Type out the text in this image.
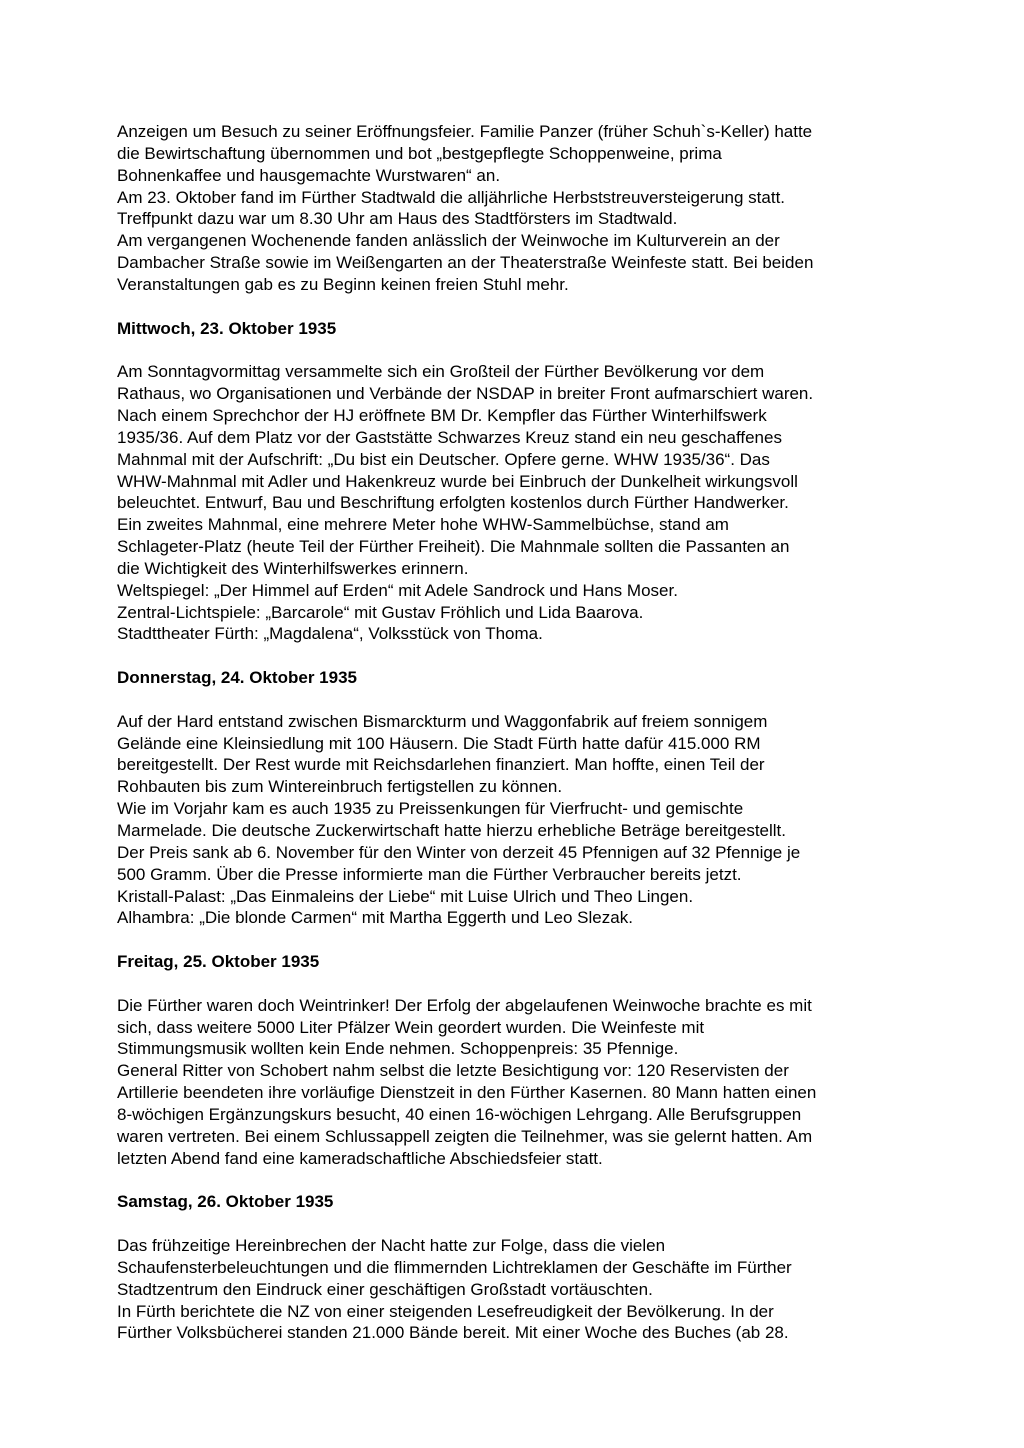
Anzeigen um Besuch zu seiner Eröffnungsfeier. Familie Panzer (früher Schuh`s-Keller) hatte
die Bewirtschaftung übernommen und bot „bestgepflegte Schoppenweine, prima
Bohnenkaffee und hausgemachte Wurstwaren“ an.
Am 23. Oktober fand im Fürther Stadtwald die alljährliche Herbststreuversteigerung statt.
Treffpunkt dazu war um 8.30 Uhr am Haus des Stadtförsters im Stadtwald.
Am vergangenen Wochenende fanden anlässlich der Weinwoche im Kulturverein an der
Dambacher Straße sowie im Weißengarten an der Theaterstraße Weinfeste statt. Bei beiden
Veranstaltungen gab es zu Beginn keinen freien Stuhl mehr.
Mittwoch, 23. Oktober 1935
Am Sonntagvormittag versammelte sich ein Großteil der Fürther Bevölkerung vor dem
Rathaus, wo Organisationen und Verbände der NSDAP in breiter Front aufmarschiert waren.
Nach einem Sprechchor der HJ eröffnete BM Dr. Kempfler das Fürther Winterhilfswerk
1935/36. Auf dem Platz vor der Gaststätte Schwarzes Kreuz stand ein neu geschaffenes
Mahnmal mit der Aufschrift: „Du bist ein Deutscher. Opfere gerne. WHW 1935/36“. Das
WHW-Mahnmal mit Adler und Hakenkreuz wurde bei Einbruch der Dunkelheit wirkungsvoll
beleuchtet. Entwurf, Bau und Beschriftung erfolgten kostenlos durch Fürther Handwerker.
Ein zweites Mahnmal, eine mehrere Meter hohe WHW-Sammelbüchse, stand am
Schlageter-Platz (heute Teil der Fürther Freiheit). Die Mahnmale sollten die Passanten an
die Wichtigkeit des Winterhilfswerkes erinnern.
Weltspiegel: „Der Himmel auf Erden“ mit Adele Sandrock und Hans Moser.
Zentral-Lichtspiele: „Barcarole“ mit Gustav Fröhlich und Lida Baarova.
Stadttheater Fürth: „Magdalena“, Volksstück von Thoma.
Donnerstag, 24. Oktober 1935
Auf der Hard entstand zwischen Bismarckturm und Waggonfabrik auf freiem sonnigem
Gelände eine Kleinsiedlung mit 100 Häusern. Die Stadt Fürth hatte dafür 415.000 RM
bereitgestellt. Der Rest wurde mit Reichsdarlehen finanziert. Man hoffte, einen Teil der
Rohbauten bis zum Wintereinbruch fertigstellen zu können.
Wie im Vorjahr kam es auch 1935 zu Preissenkungen für Vierfrucht- und gemischte
Marmelade. Die deutsche Zuckerwirtschaft hatte hierzu erhebliche Beträge bereitgestellt.
Der Preis sank ab 6. November für den Winter von derzeit 45 Pfennigen auf 32 Pfennige je
500 Gramm. Über die Presse informierte man die Fürther Verbraucher bereits jetzt.
Kristall-Palast: „Das Einmaleins der Liebe“ mit Luise Ulrich und Theo Lingen.
Alhambra: „Die blonde Carmen“ mit Martha Eggerth und Leo Slezak.
Freitag, 25. Oktober 1935
Die Fürther waren doch Weintrinker! Der Erfolg der abgelaufenen Weinwoche brachte es mit
sich, dass weitere 5000 Liter Pfälzer Wein geordert wurden. Die Weinfeste mit
Stimmungsmusik wollten kein Ende nehmen. Schoppenpreis: 35 Pfennige.
General Ritter von Schobert nahm selbst die letzte Besichtigung vor: 120 Reservisten der
Artillerie beendeten ihre vorläufige Dienstzeit in den Fürther Kasernen. 80 Mann hatten einen
8-wöchigen Ergänzungskurs besucht, 40 einen 16-wöchigen Lehrgang. Alle Berufsgruppen
waren vertreten. Bei einem Schlussappell zeigten die Teilnehmer, was sie gelernt hatten. Am
letzten Abend fand eine kameradschaftliche Abschiedsfeier statt.
Samstag, 26. Oktober 1935
Das frühzeitige Hereinbrechen der Nacht hatte zur Folge, dass die vielen
Schaufensterbeleuchtungen und die flimmernden Lichtreklamen der Geschäfte im Fürther
Stadtzentrum den Eindruck einer geschäftigen Großstadt vortäuschten.
In Fürth berichtete die NZ von einer steigenden Lesefreudigkeit der Bevölkerung. In der
Fürther Volksbücherei standen 21.000 Bände bereit. Mit einer Woche des Buches (ab 28.
